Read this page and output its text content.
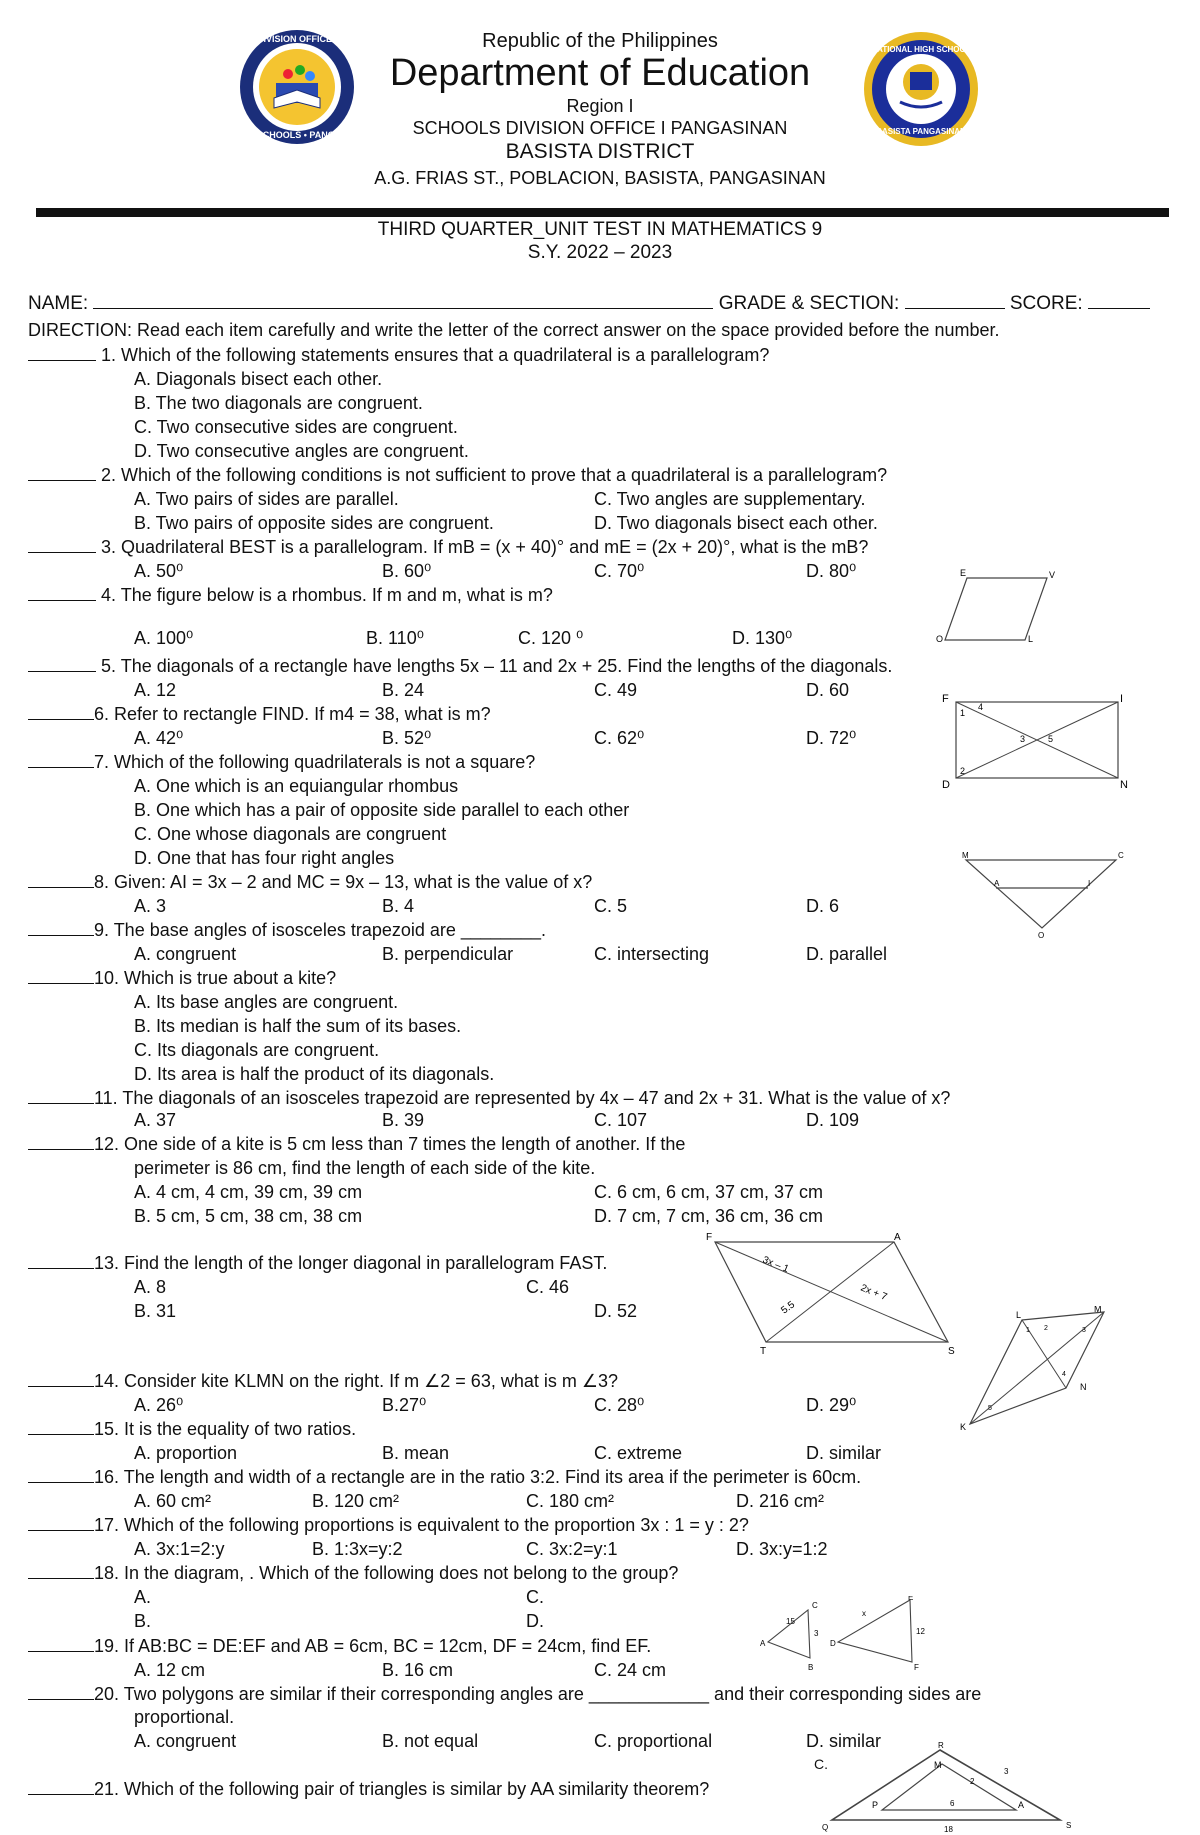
DIVISION OFFICE I
SCHOOLS • PANG.
NATIONAL HIGH SCHOOL
BASISTA PANGASINAN
Republic of the Philippines
Department of Education
Region I
SCHOOLS DIVISION OFFICE I PANGASINAN
BASISTA DISTRICT
A.G. FRIAS ST., POBLACION, BASISTA, PANGASINAN
THIRD QUARTER_UNIT TEST IN MATHEMATICS 9
S.Y. 2022 – 2023
NAME:	GRADE & SECTION:	SCORE:
DIRECTION: Read each item carefully and write the letter of the correct answer on the space provided before the number.
1. Which of the following statements ensures that a quadrilateral is a parallelogram?
A. Diagonals bisect each other.
B. The two diagonals are congruent.
C. Two consecutive sides are congruent.
D. Two consecutive angles are congruent.
2. Which of the following conditions is not sufficient to prove that a quadrilateral is a parallelogram?
A. Two pairs of sides are parallel.	C. Two angles are supplementary.
B. Two pairs of opposite sides are congruent.	D. Two diagonals bisect each other.
3. Quadrilateral BEST is a parallelogram. If mB = (x + 40)° and mE = (2x + 20)°, what is the mB?
A. 50⁰	B. 60⁰	C. 70⁰	D. 80⁰
4. The figure below is a rhombus. If m and m, what is m?
A. 100⁰	B. 110⁰	C. 120 ⁰	D. 130⁰
E	V
O	L
5. The diagonals of a rectangle have lengths 5x – 11 and 2x + 25. Find the lengths of the diagonals.
A. 12	B. 24	C. 49	D. 60
6. Refer to rectangle FIND. If m4 = 38, what is m?
A. 42⁰	B. 52⁰	C. 62⁰	D. 72⁰
F	I
D	N
1
4
2
5
3
7. Which of the following quadrilaterals is not a square?
A. One which is an equiangular rhombus
B. One which has a pair of opposite side parallel to each other
C. One whose diagonals are congruent
D. One that has four right angles	M	C
A	I
O
8. Given: AI = 3x – 2 and MC = 9x – 13, what is the value of x?
A. 3	B. 4	C. 5	D. 6
9. The base angles of isosceles trapezoid are ________.
A. congruent	B. perpendicular	C. intersecting	D. parallel
10. Which is true about a kite?
A. Its base angles are congruent.
B. Its median is half the sum of its bases.
C. Its diagonals are congruent.
D. Its area is half the product of its diagonals.
11. The diagonals of an isosceles trapezoid are represented by 4x – 47 and 2x + 31. What is the value of x?
A. 37	B. 39	C. 107	D. 109
12. One side of a kite is 5 cm less than 7 times the length of another. If the
perimeter is 86 cm, find the length of each side of the kite.
A. 4 cm, 4 cm, 39 cm, 39 cm	C. 6 cm, 6 cm, 37 cm, 37 cm
B. 5 cm, 5 cm, 38 cm, 38 cm	D. 7 cm, 7 cm, 36 cm, 36 cm
F	A
T	S
3x – 1
2x + 7
5.5
13. Find the length of the longer diagonal in parallelogram FAST.
A. 8	C. 46
B. 31	D. 52	L
M
K
N
1 2	3
4
5
14. Consider kite KLMN on the right. If m ∠2 = 63, what is m ∠3?
A. 26⁰	B.27⁰	C. 28⁰	D. 29⁰
15. It is the equality of two ratios.
A. proportion	B. mean	C. extreme	D. similar
16. The length and width of a rectangle are in the ratio 3:2. Find its area if the perimeter is 60cm.
A. 60 cm²	B. 120 cm²	C. 180 cm²	D. 216 cm²
17. Which of the following proportions is equivalent to the proportion 3x : 1 = y : 2?
A. 3x:1=2:y	B. 1:3x=y:2	C. 3x:2=y:1	D. 3x:y=1:2
18. In the diagram, . Which of the following does not belong to the group?
A.	C.
B.	D.
C
A
B
D
E
F
15
3
x
12
19. If AB:BC = DE:EF and AB = 6cm, BC = 12cm, DF = 24cm, find EF.
A. 12 cm	B. 16 cm	C. 24 cm
20. Two polygons are similar if their corresponding angles are ____________ and their corresponding sides are
proportional.
A. congruent	B. not equal	C. proportional	D. similar
C.
R
M
P	A
Q	S
18
6
2
3
21. Which of the following pair of triangles is similar by AA similarity theorem?
